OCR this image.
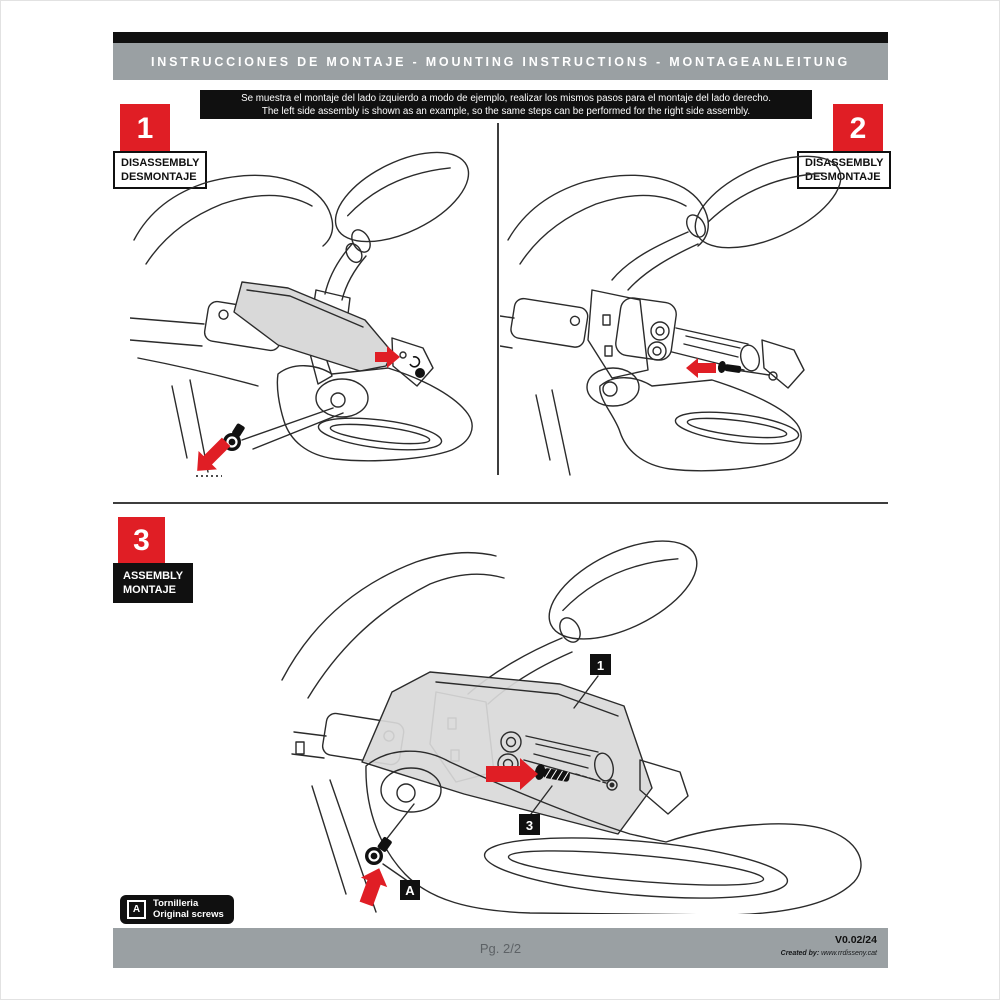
INSTRUCCIONES DE MONTAJE - MOUNTING INSTRUCTIONS - MONTAGEANLEITUNG
Se muestra el montaje del lado izquierdo a modo de ejemplo, realizar los mismos pasos para el montaje del lado derecho.
The left side assembly is shown as an example, so the same steps can be performed for the right side assembly.
1
DISASSEMBLY
DESMONTAJE
2
DISASSEMBLY
DESMONTAJE
3
ASSEMBLY
MONTAJE
1
3
A
A
Tornilleria
Original screws
Pg. 2/2
V0.02/24
Created by: www.rrdisseny.cat
